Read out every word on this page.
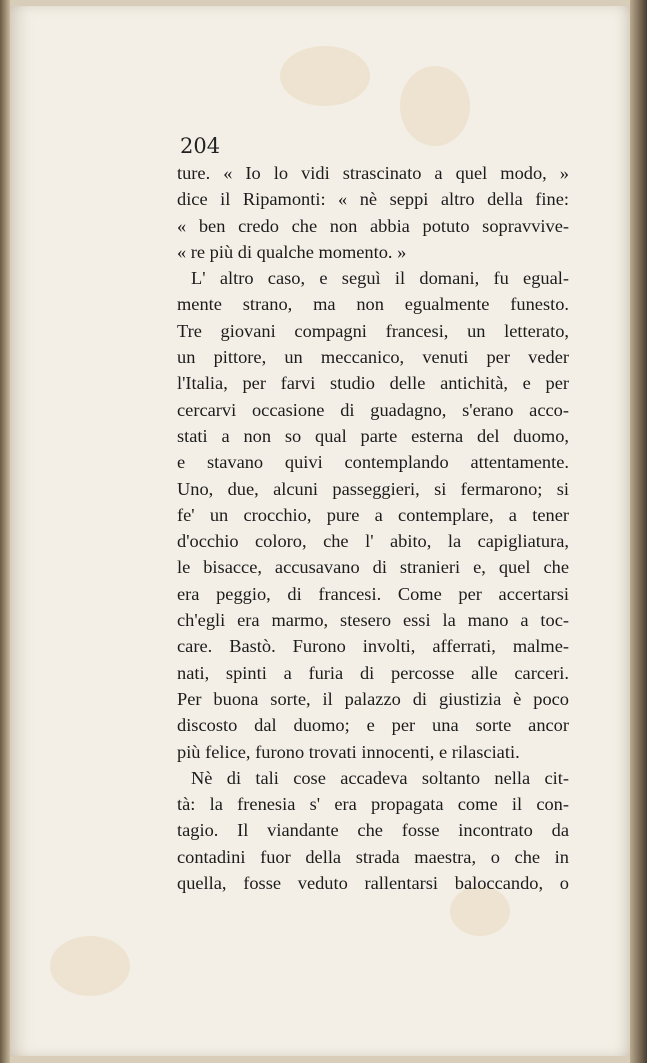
204
ture. « Io lo vidi strascinato a quel modo, »
dice il Ripamonti: « nè seppi altro della fine:
« ben credo che non abbia potuto sopravvive-
« re più di qualche momento. »
L' altro caso, e seguì il domani, fu egual-
mente strano, ma non egualmente funesto.
Tre giovani compagni francesi, un letterato,
un pittore, un meccanico, venuti per veder
l'Italia, per farvi studio delle antichità, e per
cercarvi occasione di guadagno, s'erano acco-
stati a non so qual parte esterna del duomo,
e stavano quivi contemplando attentamente.
Uno, due, alcuni passeggieri, si fermarono; si
fe' un crocchio, pure a contemplare, a tener
d'occhio coloro, che l' abito, la capigliatura,
le bisacce, accusavano di stranieri e, quel che
era peggio, di francesi. Come per accertarsi
ch'egli era marmo, stesero essi la mano a toc-
care. Bastò. Furono involti, afferrati, malme-
nati, spinti a furia di percosse alle carceri.
Per buona sorte, il palazzo di giustizia è poco
discosto dal duomo; e per una sorte ancor
più felice, furono trovati innocenti, e rilasciati.
Nè di tali cose accadeva soltanto nella cit-
tà: la frenesia s' era propagata come il con-
tagio. Il viandante che fosse incontrato da
contadini fuor della strada maestra, o che in
quella, fosse veduto rallentarsi baloccando, o
